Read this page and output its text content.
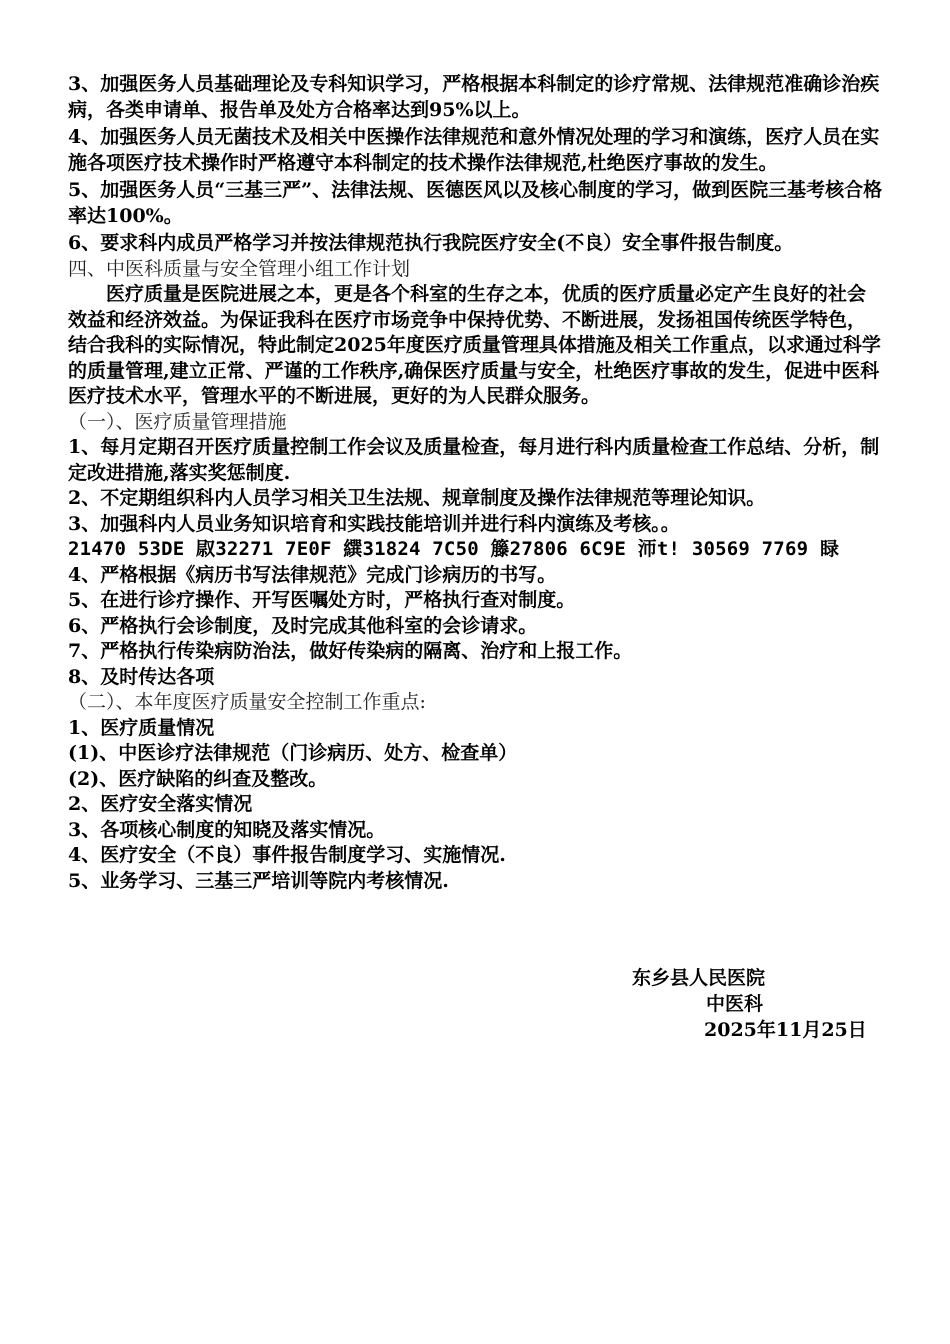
3、加强医务人员基础理论及专科知识学习，严格根据本科制定的诊疗常规、法律规范准确诊治疾病，各类申请单、报告单及处方合格率达到95%以上。

4、加强医务人员无菌技术及相关中医操作法律规范和意外情况处理的学习和演练，医疗人员在实施各项医疗技术操作时严格遵守本科制定的技术操作法律规范,杜绝医疗事故的发生。

5、加强医务人员“三基三严”、法律法规、医德医风以及核心制度的学习，做到医院三基考核合格率达100%。

6、要求科内成员严格学习并按法律规范执行我院医疗安全(不良）安全事件报告制度。

四、中医科质量与安全管理小组工作计划

医疗质量是医院进展之本，更是各个科室的生存之本，优质的医疗质量必定产生良好的社会效益和经济效益。为保证我科在医疗市场竞争中保持优势、不断进展，发扬祖国传统医学特色，结合我科的实际情况，特此制定2025年度医疗质量管理具体措施及相关工作重点，以求通过科学的质量管理,建立正常、严谨的工作秩序,确保医疗质量与安全，杜绝医疗事故的发生，促进中医科医疗技术水平，管理水平的不断进展，更好的为人民群众服务。

（一）、医疗质量管理措施

1、每月定期召开医疗质量控制工作会议及质量检查，每月进行科内质量检查工作总结、分析，制定改进措施,落实奖惩制度.

2、不定期组织科内人员学习相关卫生法规、规章制度及操作法律规范等理论知识。

3、加强科内人员业务知识培育和实践技能培训并进行科内演练及考核。。

21470 53DE 叞32271 7E0F 繏31824 7C50 籐27806 6C9E 沞t! 30569 7769 睩

4、严格根据《病历书写法律规范》完成门诊病历的书写。

5、在进行诊疗操作、开写医嘱处方时，严格执行查对制度。

6、严格执行会诊制度，及时完成其他科室的会诊请求。

7、严格执行传染病防治法，做好传染病的隔离、治疗和上报工作。

8、及时传达各项

（二）、本年度医疗质量安全控制工作重点:

1、医疗质量情况

(1)、中医诊疗法律规范（门诊病历、处方、检查单）

(2)、医疗缺陷的纠查及整改。

2、医疗安全落实情况

3、各项核心制度的知晓及落实情况。

4、医疗安全（不良）事件报告制度学习、实施情况.

5、业务学习、三基三严培训等院内考核情况.

东乡县人民医院

中医科

2025年11月25日
